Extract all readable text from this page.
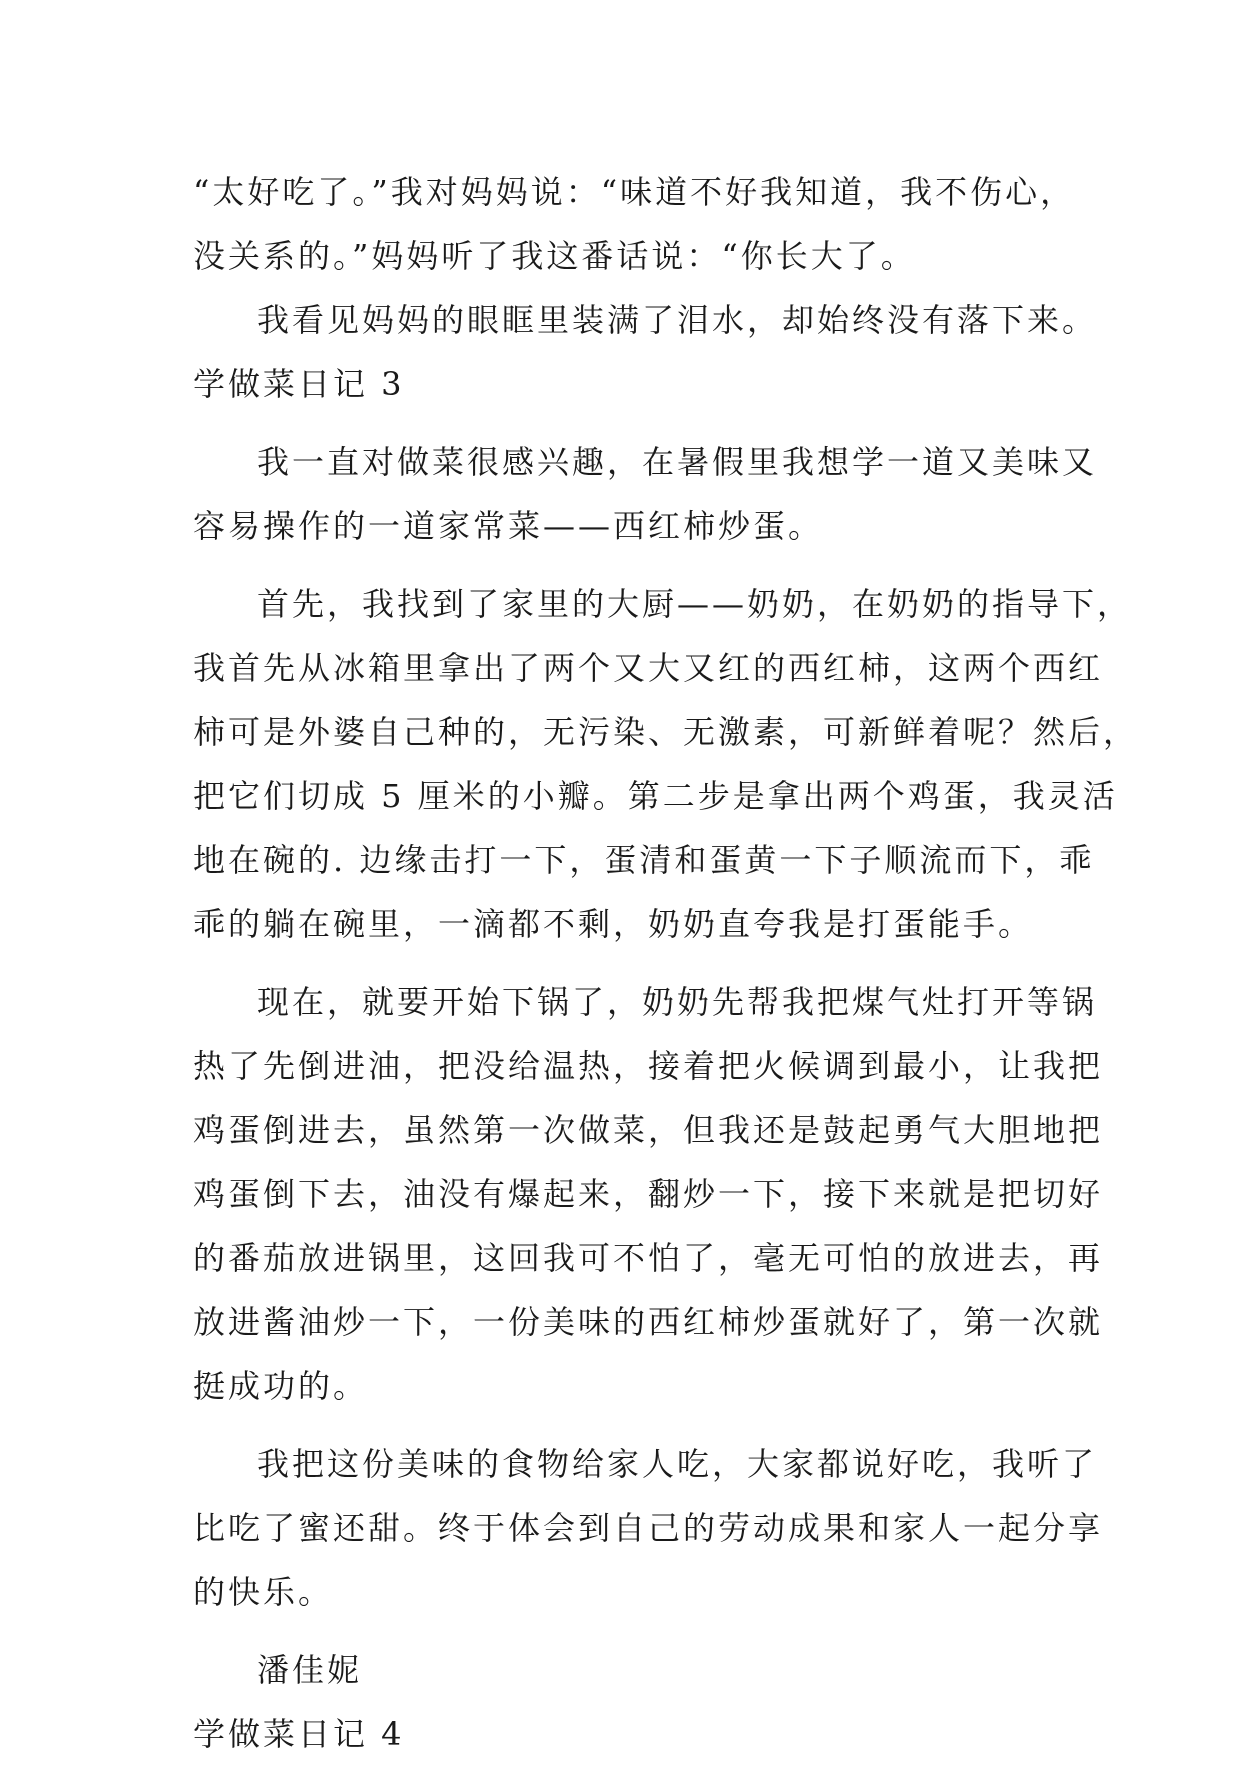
“太好吃了。”我对妈妈说：“味道不好我知道，我不伤心，
没关系的。”妈妈听了我这番话说：“你长大了。
我看见妈妈的眼眶里装满了泪水，却始终没有落下来。
学做菜日记 3
我一直对做菜很感兴趣，在暑假里我想学一道又美味又
容易操作的一道家常菜——西红柿炒蛋。
首先，我找到了家里的大厨——奶奶，在奶奶的指导下，
我首先从冰箱里拿出了两个又大又红的西红柿，这两个西红
柿可是外婆自己种的，无污染、无激素，可新鲜着呢？然后，
把它们切成 5 厘米的小瓣。第二步是拿出两个鸡蛋，我灵活
地在碗的. 边缘击打一下，蛋清和蛋黄一下子顺流而下，乖
乖的躺在碗里，一滴都不剩，奶奶直夸我是打蛋能手。
现在，就要开始下锅了，奶奶先帮我把煤气灶打开等锅
热了先倒进油，把没给温热，接着把火候调到最小，让我把
鸡蛋倒进去，虽然第一次做菜，但我还是鼓起勇气大胆地把
鸡蛋倒下去，油没有爆起来，翻炒一下，接下来就是把切好
的番茄放进锅里，这回我可不怕了，毫无可怕的放进去，再
放进酱油炒一下，一份美味的西红柿炒蛋就好了，第一次就
挺成功的。
我把这份美味的食物给家人吃，大家都说好吃，我听了
比吃了蜜还甜。终于体会到自己的劳动成果和家人一起分享
的快乐。
潘佳妮
学做菜日记 4
